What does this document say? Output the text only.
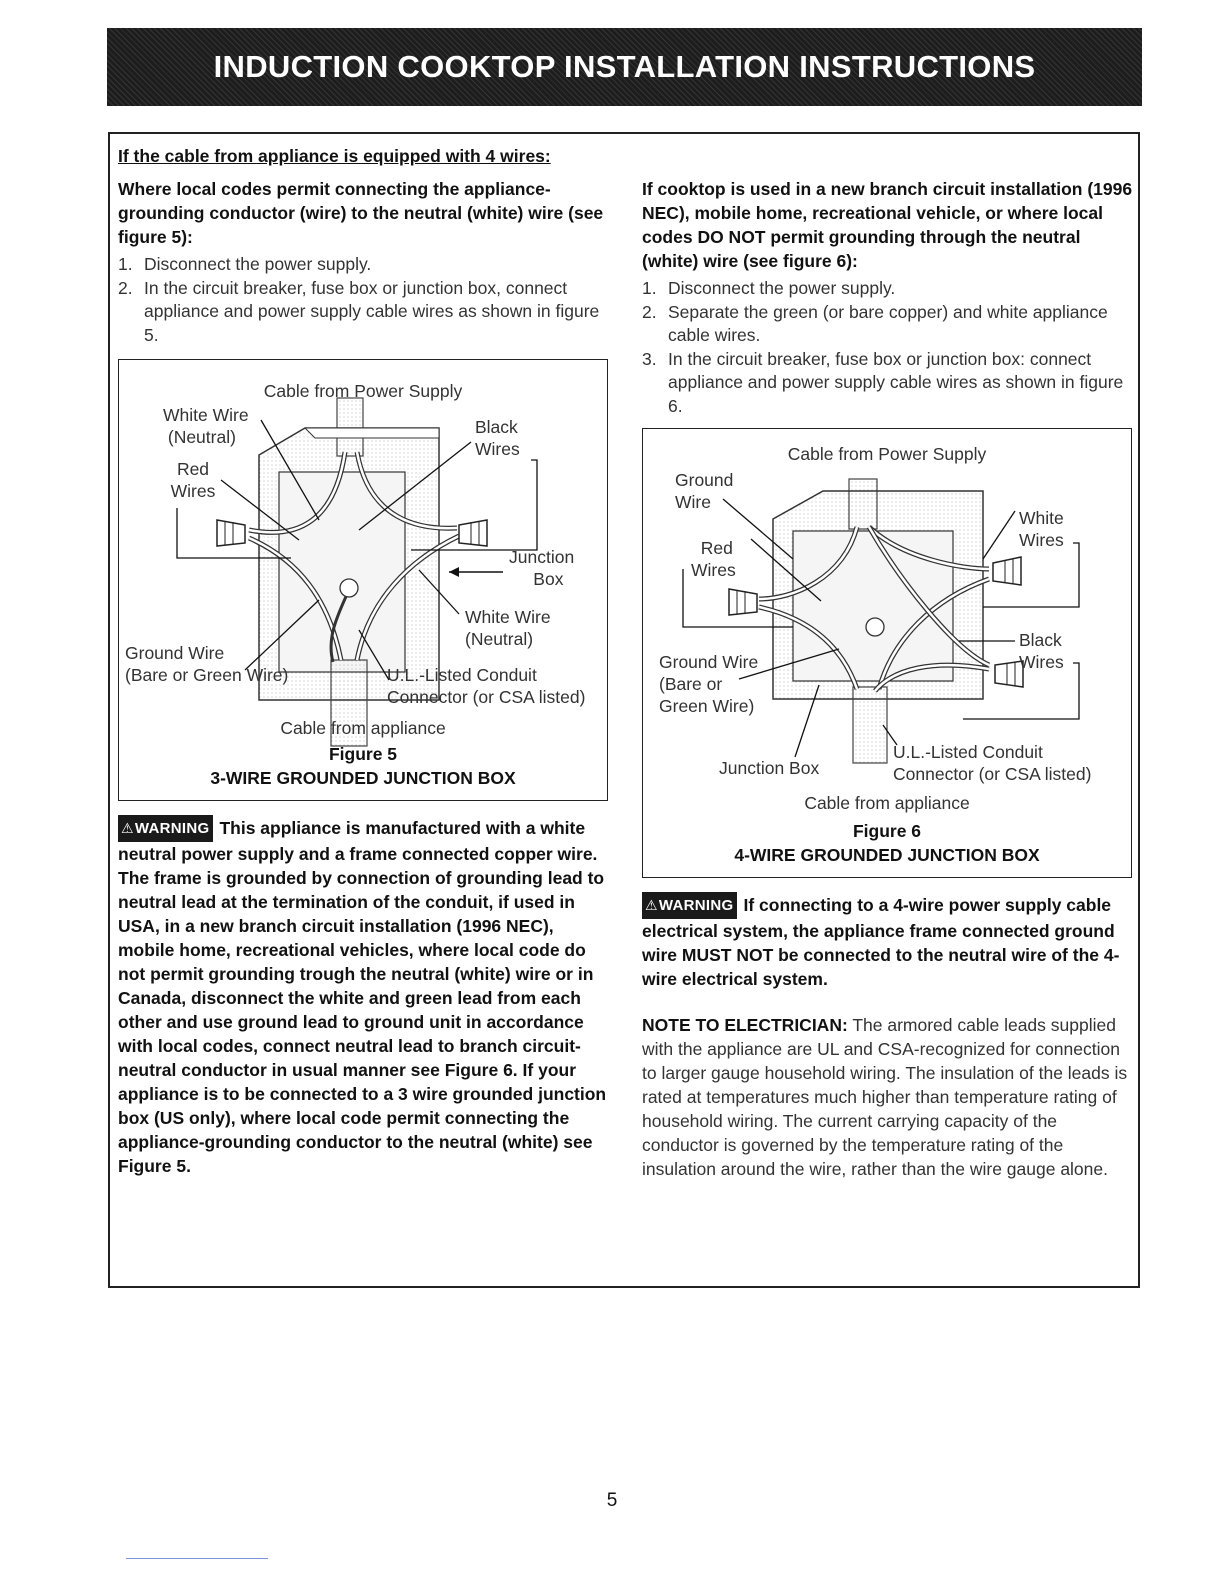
INDUCTION COOKTOP INSTALLATION INSTRUCTIONS
If the cable from appliance is equipped with 4 wires:
Where local codes permit connecting the appliance-grounding conductor (wire) to the neutral (white) wire (see figure 5):
1. Disconnect the power supply.
2. In the circuit breaker, fuse box or junction box, connect appliance and power supply cable wires as shown in figure 5.
Cable from Power Supply
White Wire
(Neutral)
Red
Wires
Black
Wires
Junction
Box
White Wire
(Neutral)
Ground Wire
(Bare or Green Wire)	U.L.-Listed Conduit
Connector (or CSA listed)
Cable from appliance
Figure 5
3-WIRE GROUNDED JUNCTION BOX
⚠WARNING This appliance is manufactured with a white neutral power supply and a frame connected copper wire. The frame is grounded by connection of grounding lead to neutral lead at the termination of the conduit, if used in USA, in a new branch circuit installation (1996 NEC), mobile home, recreational vehicles, where local code do not permit grounding trough the neutral (white) wire or in Canada, disconnect the white and green lead from each other and use ground lead to ground unit in accordance with local codes, connect neutral lead to branch circuit-neutral conductor in usual manner see Figure 6. If your appliance is to be connected to a 3 wire grounded junction box (US only), where local code permit connecting the appliance-grounding conductor to the neutral (white) see Figure 5.
If cooktop is used in a new branch circuit installation (1996 NEC), mobile home, recreational vehicle, or where local codes DO NOT permit grounding through the neutral (white) wire (see figure 6):
1. Disconnect the power supply.
2. Separate the green (or bare copper) and white appliance cable wires.
3. In the circuit breaker, fuse box or junction box: connect appliance and power supply cable wires as shown in figure 6.
Cable from Power Supply
Ground
Wire
Red
Wires
White
Wires
Black
Wires
Ground Wire
(Bare or
Green Wire)
Junction Box
U.L.-Listed Conduit
Connector (or CSA listed)
Cable from appliance
Figure 6
4-WIRE GROUNDED JUNCTION BOX
⚠WARNING If connecting to a 4-wire power supply cable electrical system, the appliance frame connected ground wire MUST NOT be connected to the neutral wire of the 4-wire electrical system.
NOTE TO ELECTRICIAN: The armored cable leads supplied with the appliance are UL and CSA-recognized for connection to larger gauge household wiring. The insulation of the leads is rated at temperatures much higher than temperature rating of household wiring. The current carrying capacity of the conductor is governed by the temperature rating of the insulation around the wire, rather than the wire gauge alone.
5
